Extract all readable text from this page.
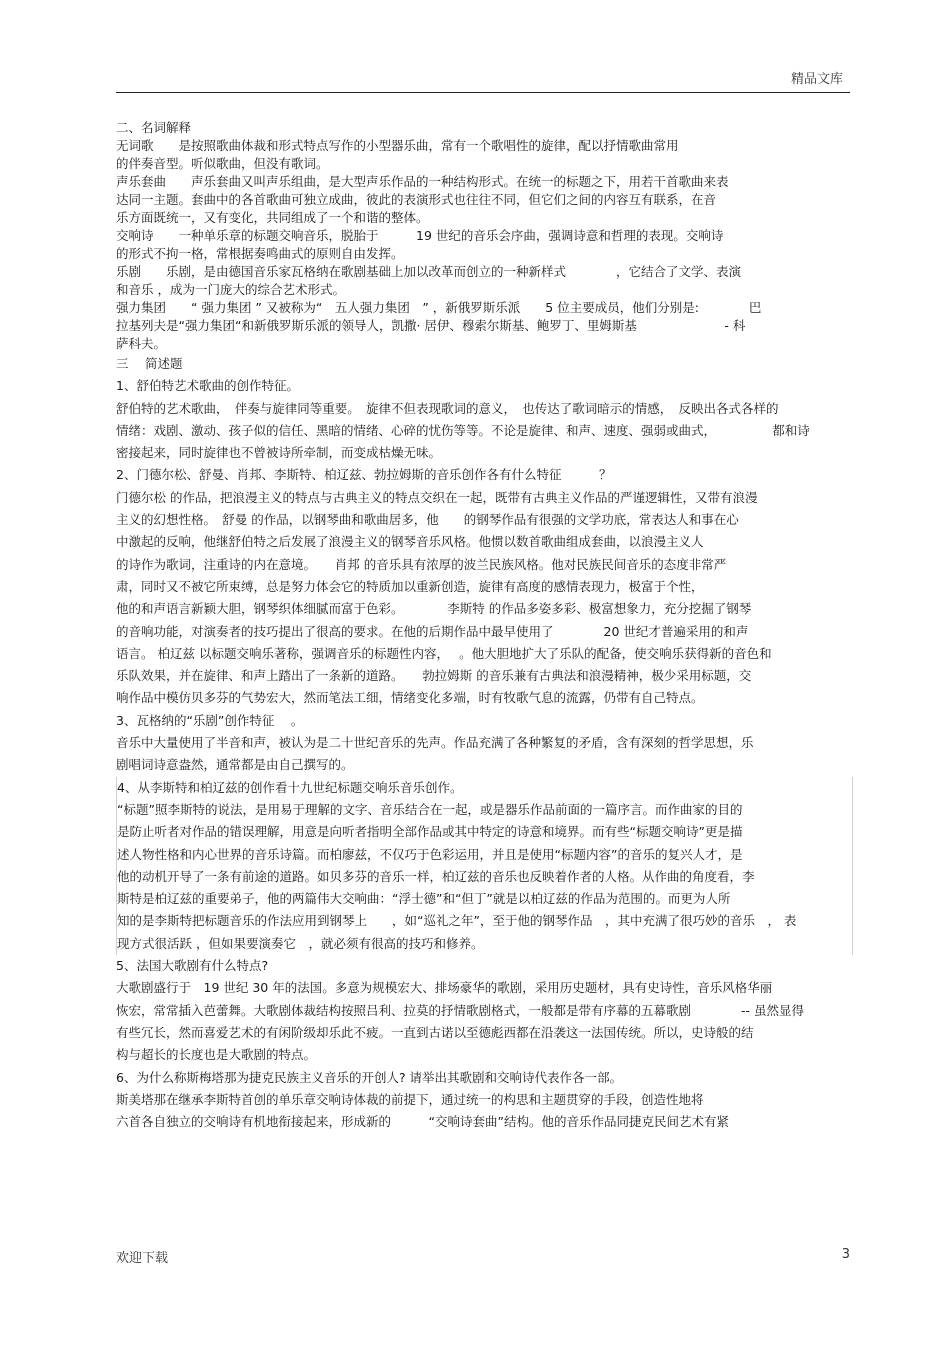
精品文库
二、名词解释
无词歌　　是按照歌曲体裁和形式特点写作的小型器乐曲，常有一个歌唱性的旋律，配以抒情歌曲常用
的伴奏音型。听似歌曲，但没有歌词。
声乐套曲　　声乐套曲又叫声乐组曲，是大型声乐作品的一种结构形式。在统一的标题之下，用若干首歌曲来表
达同一主题。套曲中的各首歌曲可独立成曲，彼此的表演形式也往往不同，但它们之间的内容互有联系，在音
乐方面既统一，又有变化，共同组成了一个和谐的整体。
交响诗　　一种单乐章的标题交响音乐，脱胎于　　　19 世纪的音乐会序曲，强调诗意和哲理的表现。交响诗
的形式不拘一格，常根据奏鸣曲式的原则自由发挥。
乐剧　　乐剧，是由德国音乐家瓦格纳在歌剧基础上加以改革而创立的一种新样式　　　　，它结合了文学、表演
和音乐 ，成为一门庞大的综合艺术形式。
强力集团　　“ 强力集团 ” 又被称为“　五人强力集团　” ，新俄罗斯乐派　　5 位主要成员，他们分别是:　　　　巴
拉基列夫是“强力集团“和新俄罗斯乐派的领导人，凯撒· 居伊、穆索尔斯基、鲍罗丁、里姆斯基　　　　　　　- 科
萨科夫。
三　 简述题
1、舒伯特艺术歌曲的创作特征。
舒伯特的艺术歌曲，　伴奏与旋律同等重要。　旋律不但表现歌词的意义，　也传达了歌词暗示的情感，　反映出各式各样的
情绪：戏剧、激动、孩子似的信任、黑暗的情绪、心碎的忧伤等等。不论是旋律、和声、速度、强弱或曲式，　　　　　都和诗
密接起来，同时旋律也不曾被诗所牵制，而变成枯燥无味。
2、门德尔松、舒曼、肖邦、李斯特、柏辽兹、勃拉姆斯的音乐创作各有什么特征　　　？
门德尔松 的作品，把浪漫主义的特点与古典主义的特点交织在一起，既带有古典主义作品的严谨逻辑性，又带有浪漫
主义的幻想性格。　舒曼 的作品，以钢琴曲和歌曲居多，他　　的钢琴作品有很强的文学功底，常表达人和事在心
中激起的反响，他继舒伯特之后发展了浪漫主义的钢琴音乐风格。他惯以数首歌曲组成套曲，以浪漫主义人
的诗作为歌词，注重诗的内在意境。　　肖邦 的音乐具有浓厚的波兰民族风格。他对民族民间音乐的态度非常严
肃，同时又不被它所束缚，总是努力体会它的特质加以重新创造，旋律有高度的感情表现力，极富于个性，
他的和声语言新颖大胆，钢琴织体细腻而富于色彩。　　　　李斯特 的作品多姿多彩、极富想象力，充分挖掘了钢琴
的音响功能，对演奏者的技巧提出了很高的要求。在他的后期作品中最早使用了　　　　20 世纪才普遍采用的和声
语言。 柏辽兹 以标题交响乐著称，强调音乐的标题性内容，　 。他大胆地扩大了乐队的配备，使交响乐获得新的音色和
乐队效果，并在旋律、和声上踏出了一条新的道路。　　勃拉姆斯 的音乐兼有古典法和浪漫精神，极少采用标题，交
响作品中模仿贝多芬的气势宏大，然而笔法工细，情绪变化多端，时有牧歌气息的流露，仍带有自己特点。
3、瓦格纳的“乐剧”创作特征　 。
音乐中大量使用了半音和声，被认为是二十世纪音乐的先声。作品充满了各种繁复的矛盾，含有深刻的哲学思想，乐
剧唱词诗意盎然，通常都是由自己撰写的。
4、从李斯特和柏辽兹的创作看十九世纪标题交响乐音乐创作。
“标题”照李斯特的说法，是用易于理解的文字、音乐结合在一起，或是器乐作品前面的一篇序言。而作曲家的目的
是防止听者对作品的错误理解，用意是向听者指明全部作品或其中特定的诗意和境界。而有些“标题交响诗”更是描
述人物性格和内心世界的音乐诗篇。而柏廖兹，不仅巧于色彩运用，并且是使用“标题内容”的音乐的复兴人才，是
他的动机开导了一条有前途的道路。如贝多芬的音乐一样，柏辽兹的音乐也反映着作者的人格。从作曲的角度看，李
斯特是柏辽兹的重要弟子，他的两篇伟大交响曲：“浮士德”和“但丁”就是以柏辽兹的作品为范围的。而更为人所
知的是李斯特把标题音乐的作法应用到钢琴上　　，如“巡礼之年”，至于他的钢琴作品　，其中充满了很巧妙的音乐　， 表
现方式很活跃 ，但如果要演奏它　，就必须有很高的技巧和修养。
5、法国大歌剧有什么特点?
大歌剧盛行于　19 世纪 30 年的法国。多意为规模宏大、排场豪华的歌剧，采用历史题材，具有史诗性，音乐风格华丽
恢宏，常常插入芭蕾舞。大歌剧体裁结构按照吕利、拉莫的抒情歌剧格式，一般都是带有序幕的五幕歌剧　　　　-- 虽然显得
有些冗长，然而喜爱艺术的有闲阶级却乐此不疲。一直到古诺以至德彪西都在沿袭这一法国传统。所以，史诗般的结
构与超长的长度也是大歌剧的特点。
6、为什么称斯梅塔那为捷克民族主义音乐的开创人? 请举出其歌剧和交响诗代表作各一部。
斯美塔那在继承李斯特首创的单乐章交响诗体裁的前提下，通过统一的构思和主题贯穿的手段，创造性地将
六首各自独立的交响诗有机地衔接起来，形成新的　　　“交响诗套曲”结构。他的音乐作品同捷克民间艺术有紧
欢迎下载	3
